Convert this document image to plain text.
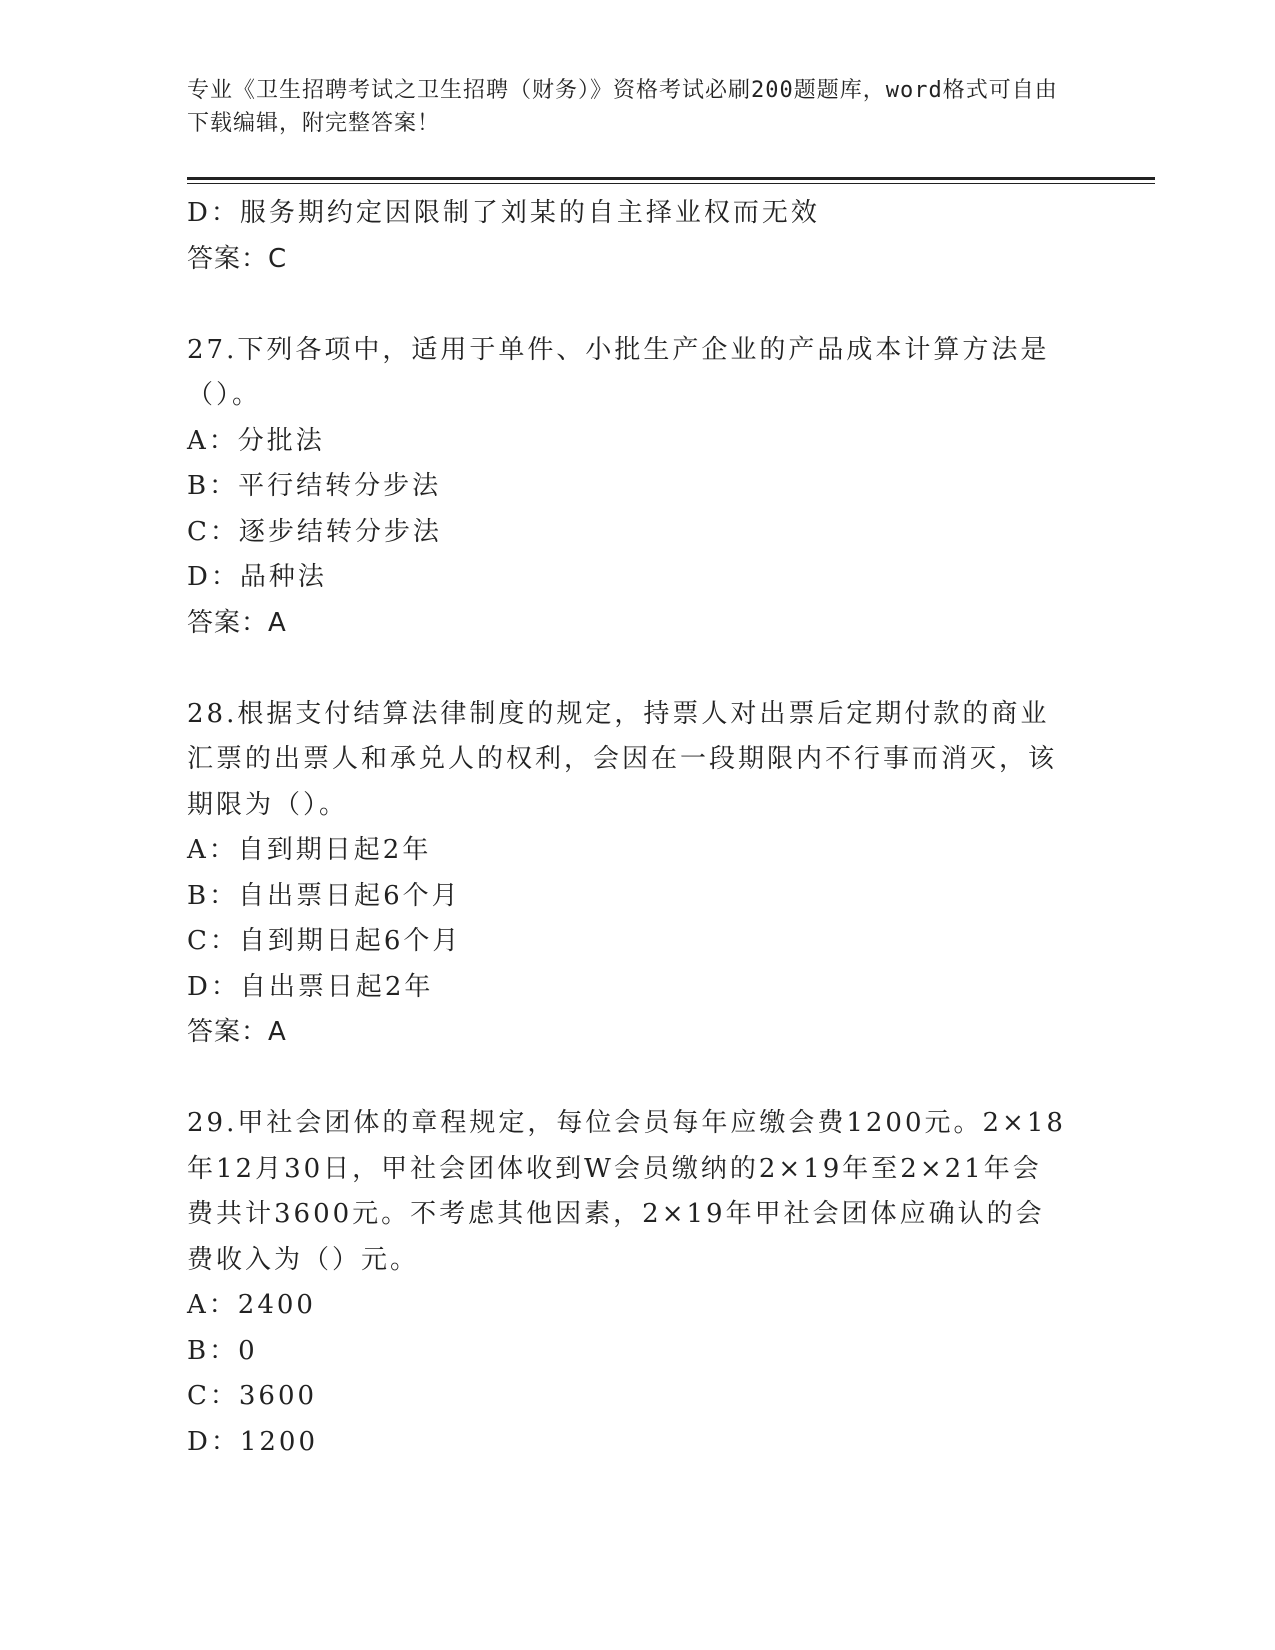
专业《卫生招聘考试之卫生招聘（财务）》资格考试必刷200题题库，word格式可自由下载编辑，附完整答案！
D：服务期约定因限制了刘某的自主择业权而无效
答案：C
27.下列各项中，适用于单件、小批生产企业的产品成本计算方法是（）。
A：分批法
B：平行结转分步法
C：逐步结转分步法
D：品种法
答案：A
28.根据支付结算法律制度的规定，持票人对出票后定期付款的商业汇票的出票人和承兑人的权利，会因在一段期限内不行事而消灭，该期限为（）。
A：自到期日起2年
B：自出票日起6个月
C：自到期日起6个月
D：自出票日起2年
答案：A
29.甲社会团体的章程规定，每位会员每年应缴会费1200元。2×18年12月30日，甲社会团体收到W会员缴纳的2×19年至2×21年会费共计3600元。不考虑其他因素，2×19年甲社会团体应确认的会费收入为（）元。
A：2400
B：0
C：3600
D：1200
